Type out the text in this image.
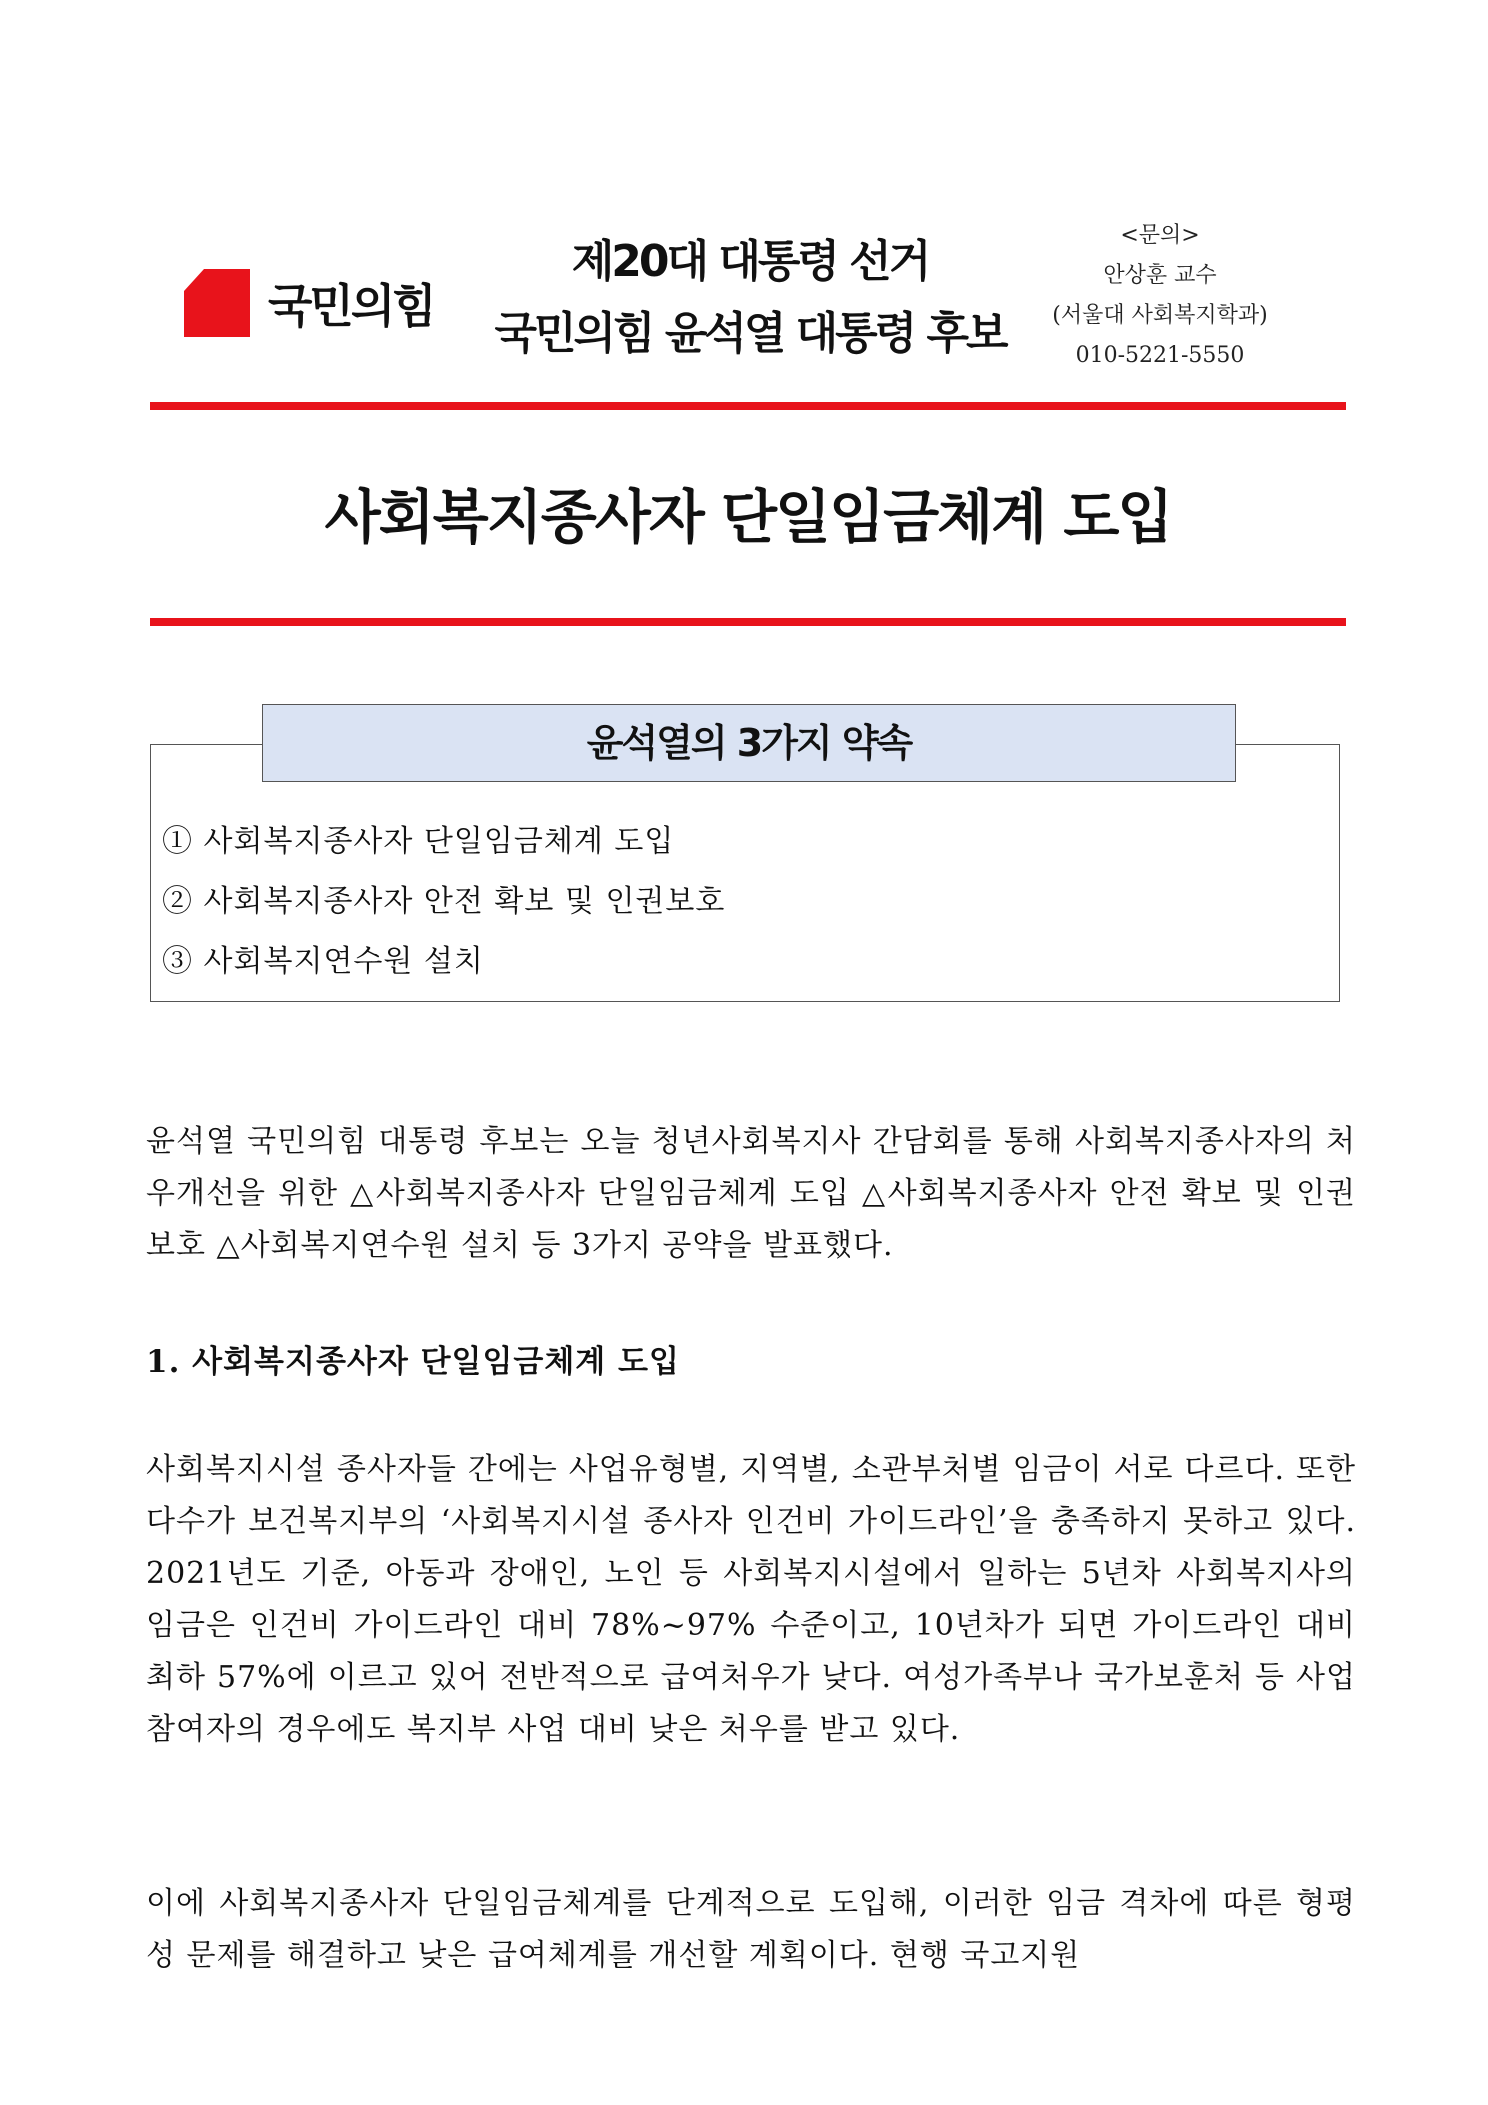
국민의힘
제20대 대통령 선거
국민의힘 윤석열 대통령 후보
<문의>
안상훈 교수
(서울대 사회복지학과)
010-5221-5550
사회복지종사자 단일임금체계 도입
윤석열의 3가지 약속
① 사회복지종사자 단일임금체계 도입
② 사회복지종사자 안전 확보 및 인권보호
③ 사회복지연수원 설치

윤석열 국민의힘 대통령 후보는 오늘 청년사회복지사 간담회를 통해 사회복지종사자의 처우개선을 위한 △사회복지종사자 단일임금체계 도입 △사회복지종사자 안전 확보 및 인권보호 △사회복지연수원 설치 등 3가지 공약을 발표했다.

1. 사회복지종사자 단일임금체계 도입

사회복지시설 종사자들 간에는 사업유형별, 지역별, 소관부처별 임금이 서로 다르다. 또한 다수가 보건복지부의 ‘사회복지시설 종사자 인건비 가이드라인’을 충족하지 못하고 있다. 2021년도 기준, 아동과 장애인, 노인 등 사회복지시설에서 일하는 5년차 사회복지사의 임금은 인건비 가이드라인 대비 78%~97% 수준이고, 10년차가 되면 가이드라인 대비 최하 57%에 이르고 있어 전반적으로 급여처우가 낮다. 여성가족부나 국가보훈처 등 사업 참여자의 경우에도 복지부 사업 대비 낮은 처우를 받고 있다.

이에 사회복지종사자 단일임금체계를 단계적으로 도입해, 이러한 임금 격차에 따른 형평성 문제를 해결하고 낮은 급여체계를 개선할 계획이다. 현행 국고지원
